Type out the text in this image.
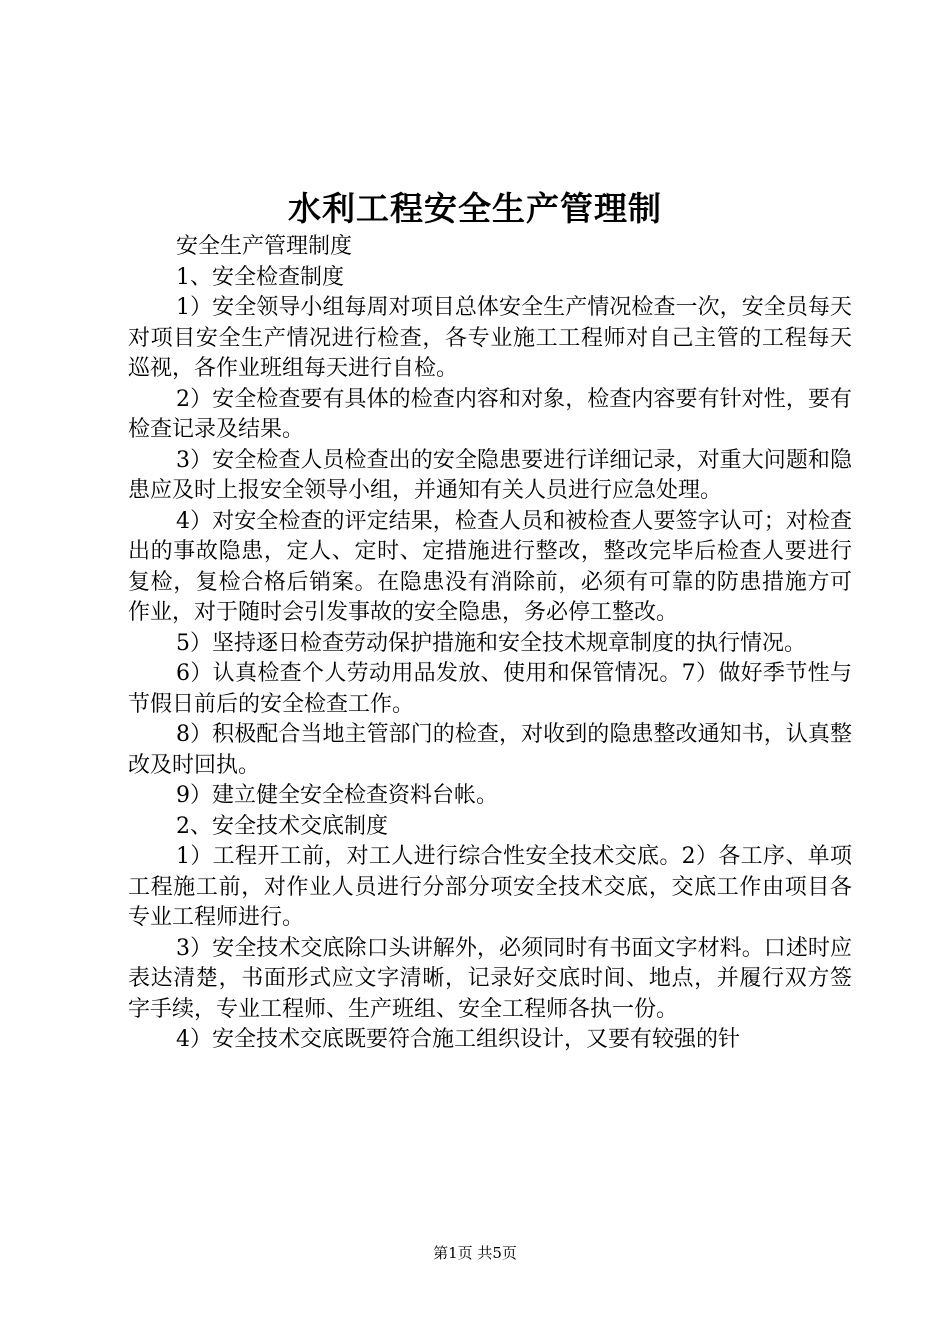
水利工程安全生产管理制

安全生产管理制度

1、安全检查制度

1）安全领导小组每周对项目总体安全生产情况检查一次，安全员每天对项目安全生产情况进行检查，各专业施工工程师对自己主管的工程每天巡视，各作业班组每天进行自检。

2）安全检查要有具体的检查内容和对象，检查内容要有针对性，要有检查记录及结果。

3）安全检查人员检查出的安全隐患要进行详细记录，对重大问题和隐患应及时上报安全领导小组，并通知有关人员进行应急处理。

4）对安全检查的评定结果，检查人员和被检查人要签字认可；对检查出的事故隐患，定人、定时、定措施进行整改，整改完毕后检查人要进行复检，复检合格后销案。在隐患没有消除前，必须有可靠的防患措施方可作业，对于随时会引发事故的安全隐患，务必停工整改。

5）坚持逐日检查劳动保护措施和安全技术规章制度的执行情况。

6）认真检查个人劳动用品发放、使用和保管情况。7）做好季节性与节假日前后的安全检查工作。

8）积极配合当地主管部门的检查，对收到的隐患整改通知书，认真整改及时回执。

9）建立健全安全检查资料台帐。

2、安全技术交底制度

1）工程开工前，对工人进行综合性安全技术交底。2）各工序、单项工程施工前，对作业人员进行分部分项安全技术交底，交底工作由项目各专业工程师进行。

3）安全技术交底除口头讲解外，必须同时有书面文字材料。口述时应表达清楚，书面形式应文字清晰，记录好交底时间、地点，并履行双方签字手续，专业工程师、生产班组、安全工程师各执一份。

4）安全技术交底既要符合施工组织设计，又要有较强的针

第1页 共5页
